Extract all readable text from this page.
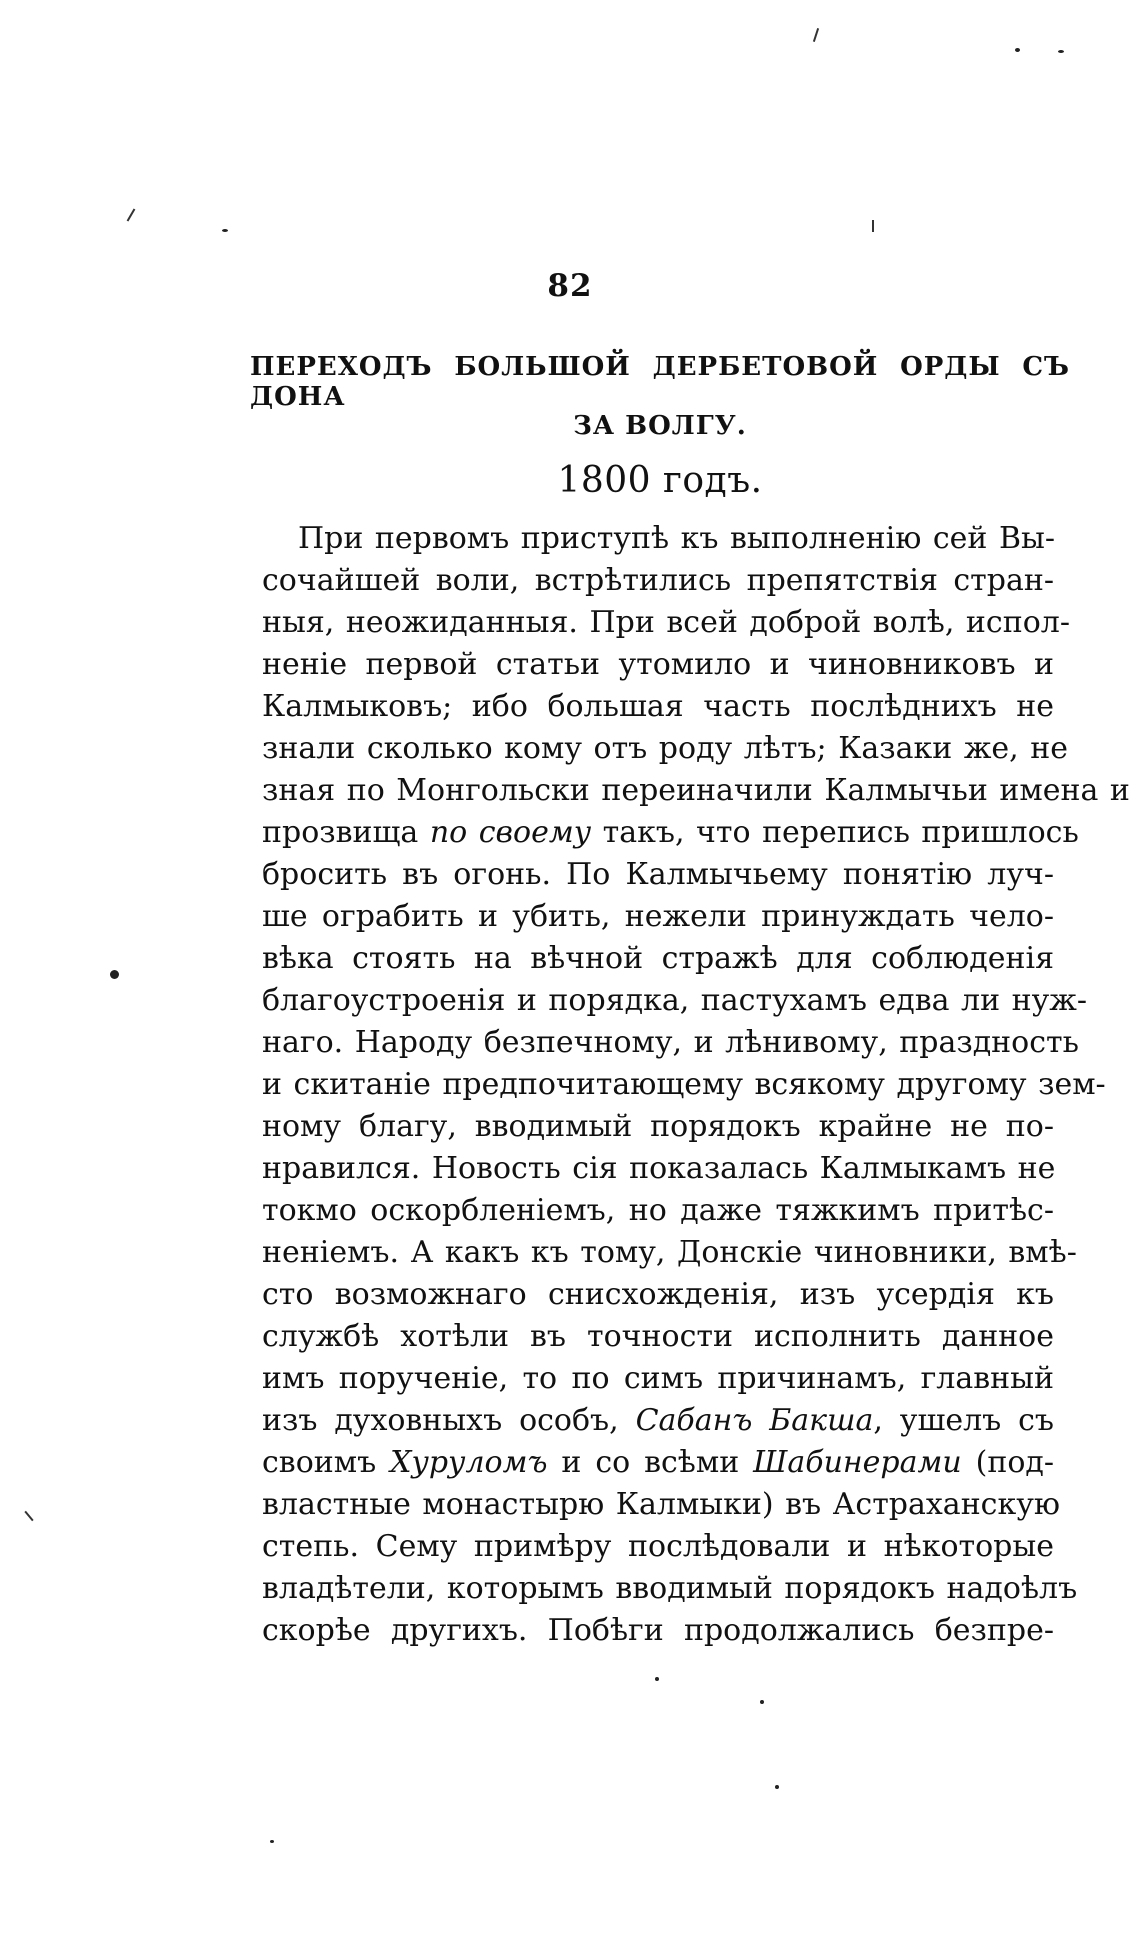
82
ПЕРЕХОДЪ БОЛЬШОЙ ДЕРБЕТОВОЙ ОРДЫ СЪ ДОНА
ЗА ВОЛГУ.
1800 годъ.
При первомъ приступѣ къ выполненію сей Вы-
сочайшей воли, встрѣтились препятствія стран-
ныя, неожиданныя. При всей доброй волѣ, испол-
неніе первой статьи утомило и чиновниковъ и
Калмыковъ; ибо большая часть послѣднихъ не
знали сколько кому отъ роду лѣтъ; Казаки же, не
зная по Монгольски переиначили Калмычьи имена и
прозвища по своему такъ, что перепись пришлось
бросить въ огонь. По Калмычьему понятію луч-
ше ограбить и убить, нежели принуждать чело-
вѣка стоять на вѣчной стражѣ для соблюденія
благоустроенія и порядка, пастухамъ едва ли нуж-
наго. Народу безпечному, и лѣнивому, праздность
и скитаніе предпочитающему всякому другому зем-
ному благу, вводимый порядокъ крайне не по-
нравился. Новость сія показалась Калмыкамъ не
токмо оскорбленіемъ, но даже тяжкимъ притѣс-
неніемъ. А какъ къ тому, Донскіе чиновники, вмѣ-
сто возможнаго снисхожденія, изъ усердія къ
службѣ хотѣли въ точности исполнить данное
имъ порученіе, то по симъ причинамъ, главный
изъ духовныхъ особъ, Сабанъ Бакша, ушелъ съ
своимъ Хуруломъ и со всѣми Шабинерами (под-
властные монастырю Калмыки) въ Астраханскую
степь. Сему примѣру послѣдовали и нѣкоторые
владѣтели, которымъ вводимый порядокъ надоѣлъ
скорѣе другихъ. Побѣги продолжались безпре-
